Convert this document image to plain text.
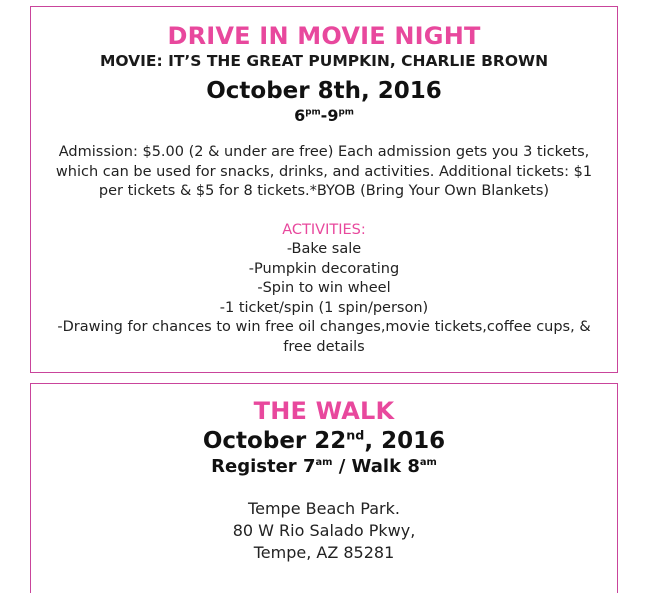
DRIVE IN MOVIE NIGHT
MOVIE: IT’S THE GREAT PUMPKIN, CHARLIE BROWN
October 8th, 2016
$6^{pm}-9^{pm}$
Admission: $5.00 (2 & under are free) Each admission gets you 3 tickets, which can be used for snacks, drinks, and activities. Additional tickets: $1 per tickets & $5 for 8 tickets.*BYOB (Bring Your Own Blankets)
ACTIVITIES:
-Bake sale
-Pumpkin decorating
-Spin to win wheel
-1 ticket/spin (1 spin/person)
-Drawing for chances to win free oil changes,movie tickets,coffee cups, & free details
THE WALK
October 22nd, 2016
Register $7^{am}$ / Walk $8^{am}$
Tempe Beach Park.
80 W Rio Salado Pkwy,
Tempe, AZ 85281
